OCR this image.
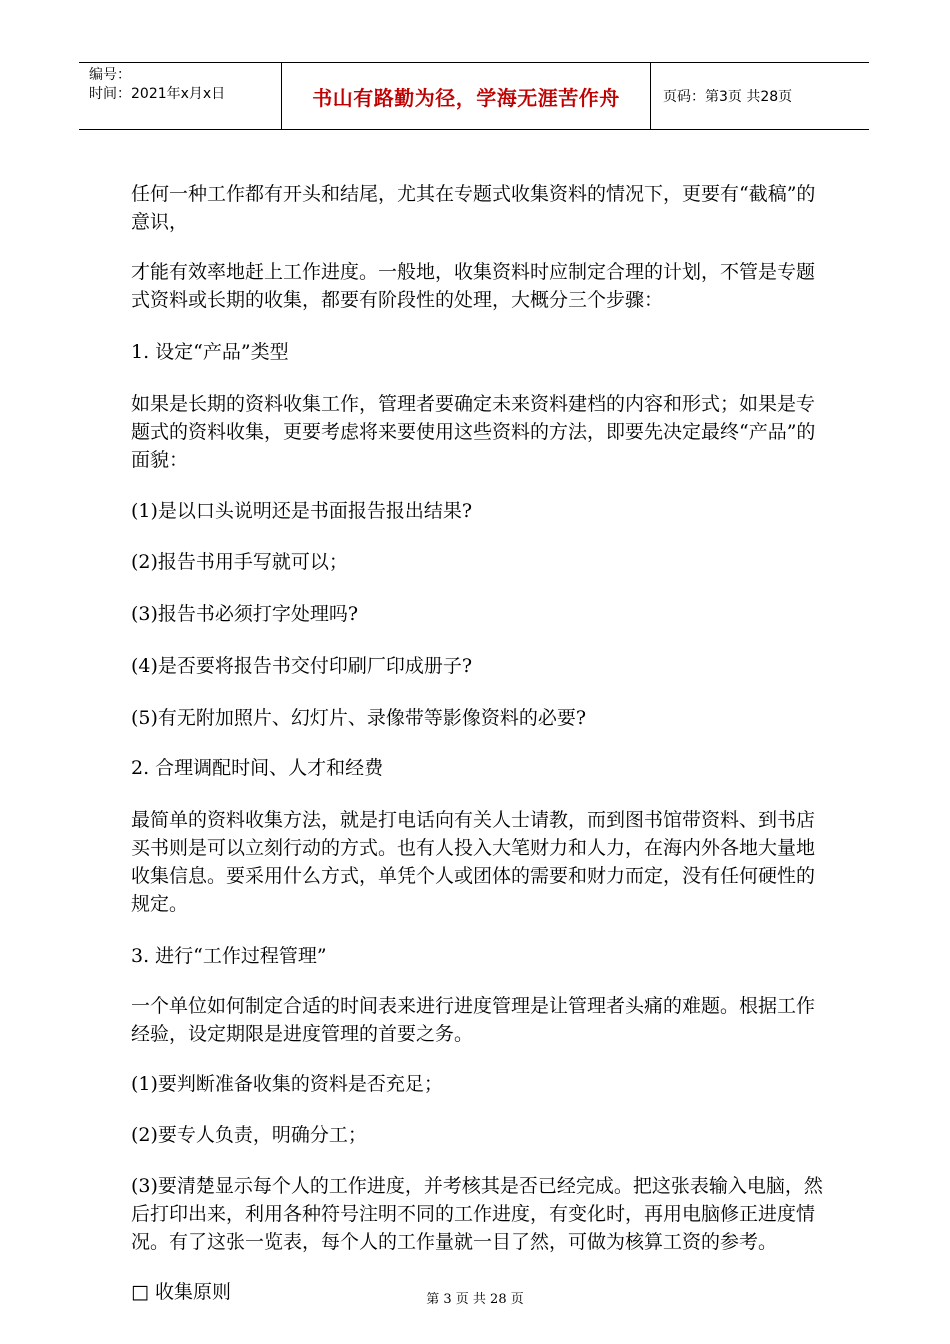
编号：
时间：2021年x月x日	书山有路勤为径，学海无涯苦作舟	页码：第3页 共28页

任何一种工作都有开头和结尾，尤其在专题式收集资料的情况下，更要有“截稿”的意识，

才能有效率地赶上工作进度。一般地，收集资料时应制定合理的计划，不管是专题式资料或长期的收集，都要有阶段性的处理，大概分三个步骤：

1. 设定“产品”类型

如果是长期的资料收集工作，管理者要确定未来资料建档的内容和形式；如果是专题式的资料收集，更要考虑将来要使用这些资料的方法，即要先决定最终“产品”的面貌：

(1)是以口头说明还是书面报告报出结果?

(2)报告书用手写就可以；

(3)报告书必须打字处理吗?

(4)是否要将报告书交付印刷厂印成册子?

(5)有无附加照片、幻灯片、录像带等影像资料的必要?

2. 合理调配时间、人才和经费

最简单的资料收集方法，就是打电话向有关人士请教，而到图书馆带资料、到书店买书则是可以立刻行动的方式。也有人投入大笔财力和人力，在海内外各地大量地收集信息。要采用什么方式，单凭个人或团体的需要和财力而定，没有任何硬性的规定。

3. 进行“工作过程管理”

一个单位如何制定合适的时间表来进行进度管理是让管理者头痛的难题。根据工作经验，设定期限是进度管理的首要之务。

(1)要判断准备收集的资料是否充足；

(2)要专人负责，明确分工；

(3)要清楚显示每个人的工作进度，并考核其是否已经完成。把这张表输入电脑，然后打印出来，利用各种符号注明不同的工作进度，有变化时，再用电脑修正进度情况。有了这张一览表，每个人的工作量就一目了然，可做为核算工资的参考。

□ 收集原则	第 3 页 共 28 页
